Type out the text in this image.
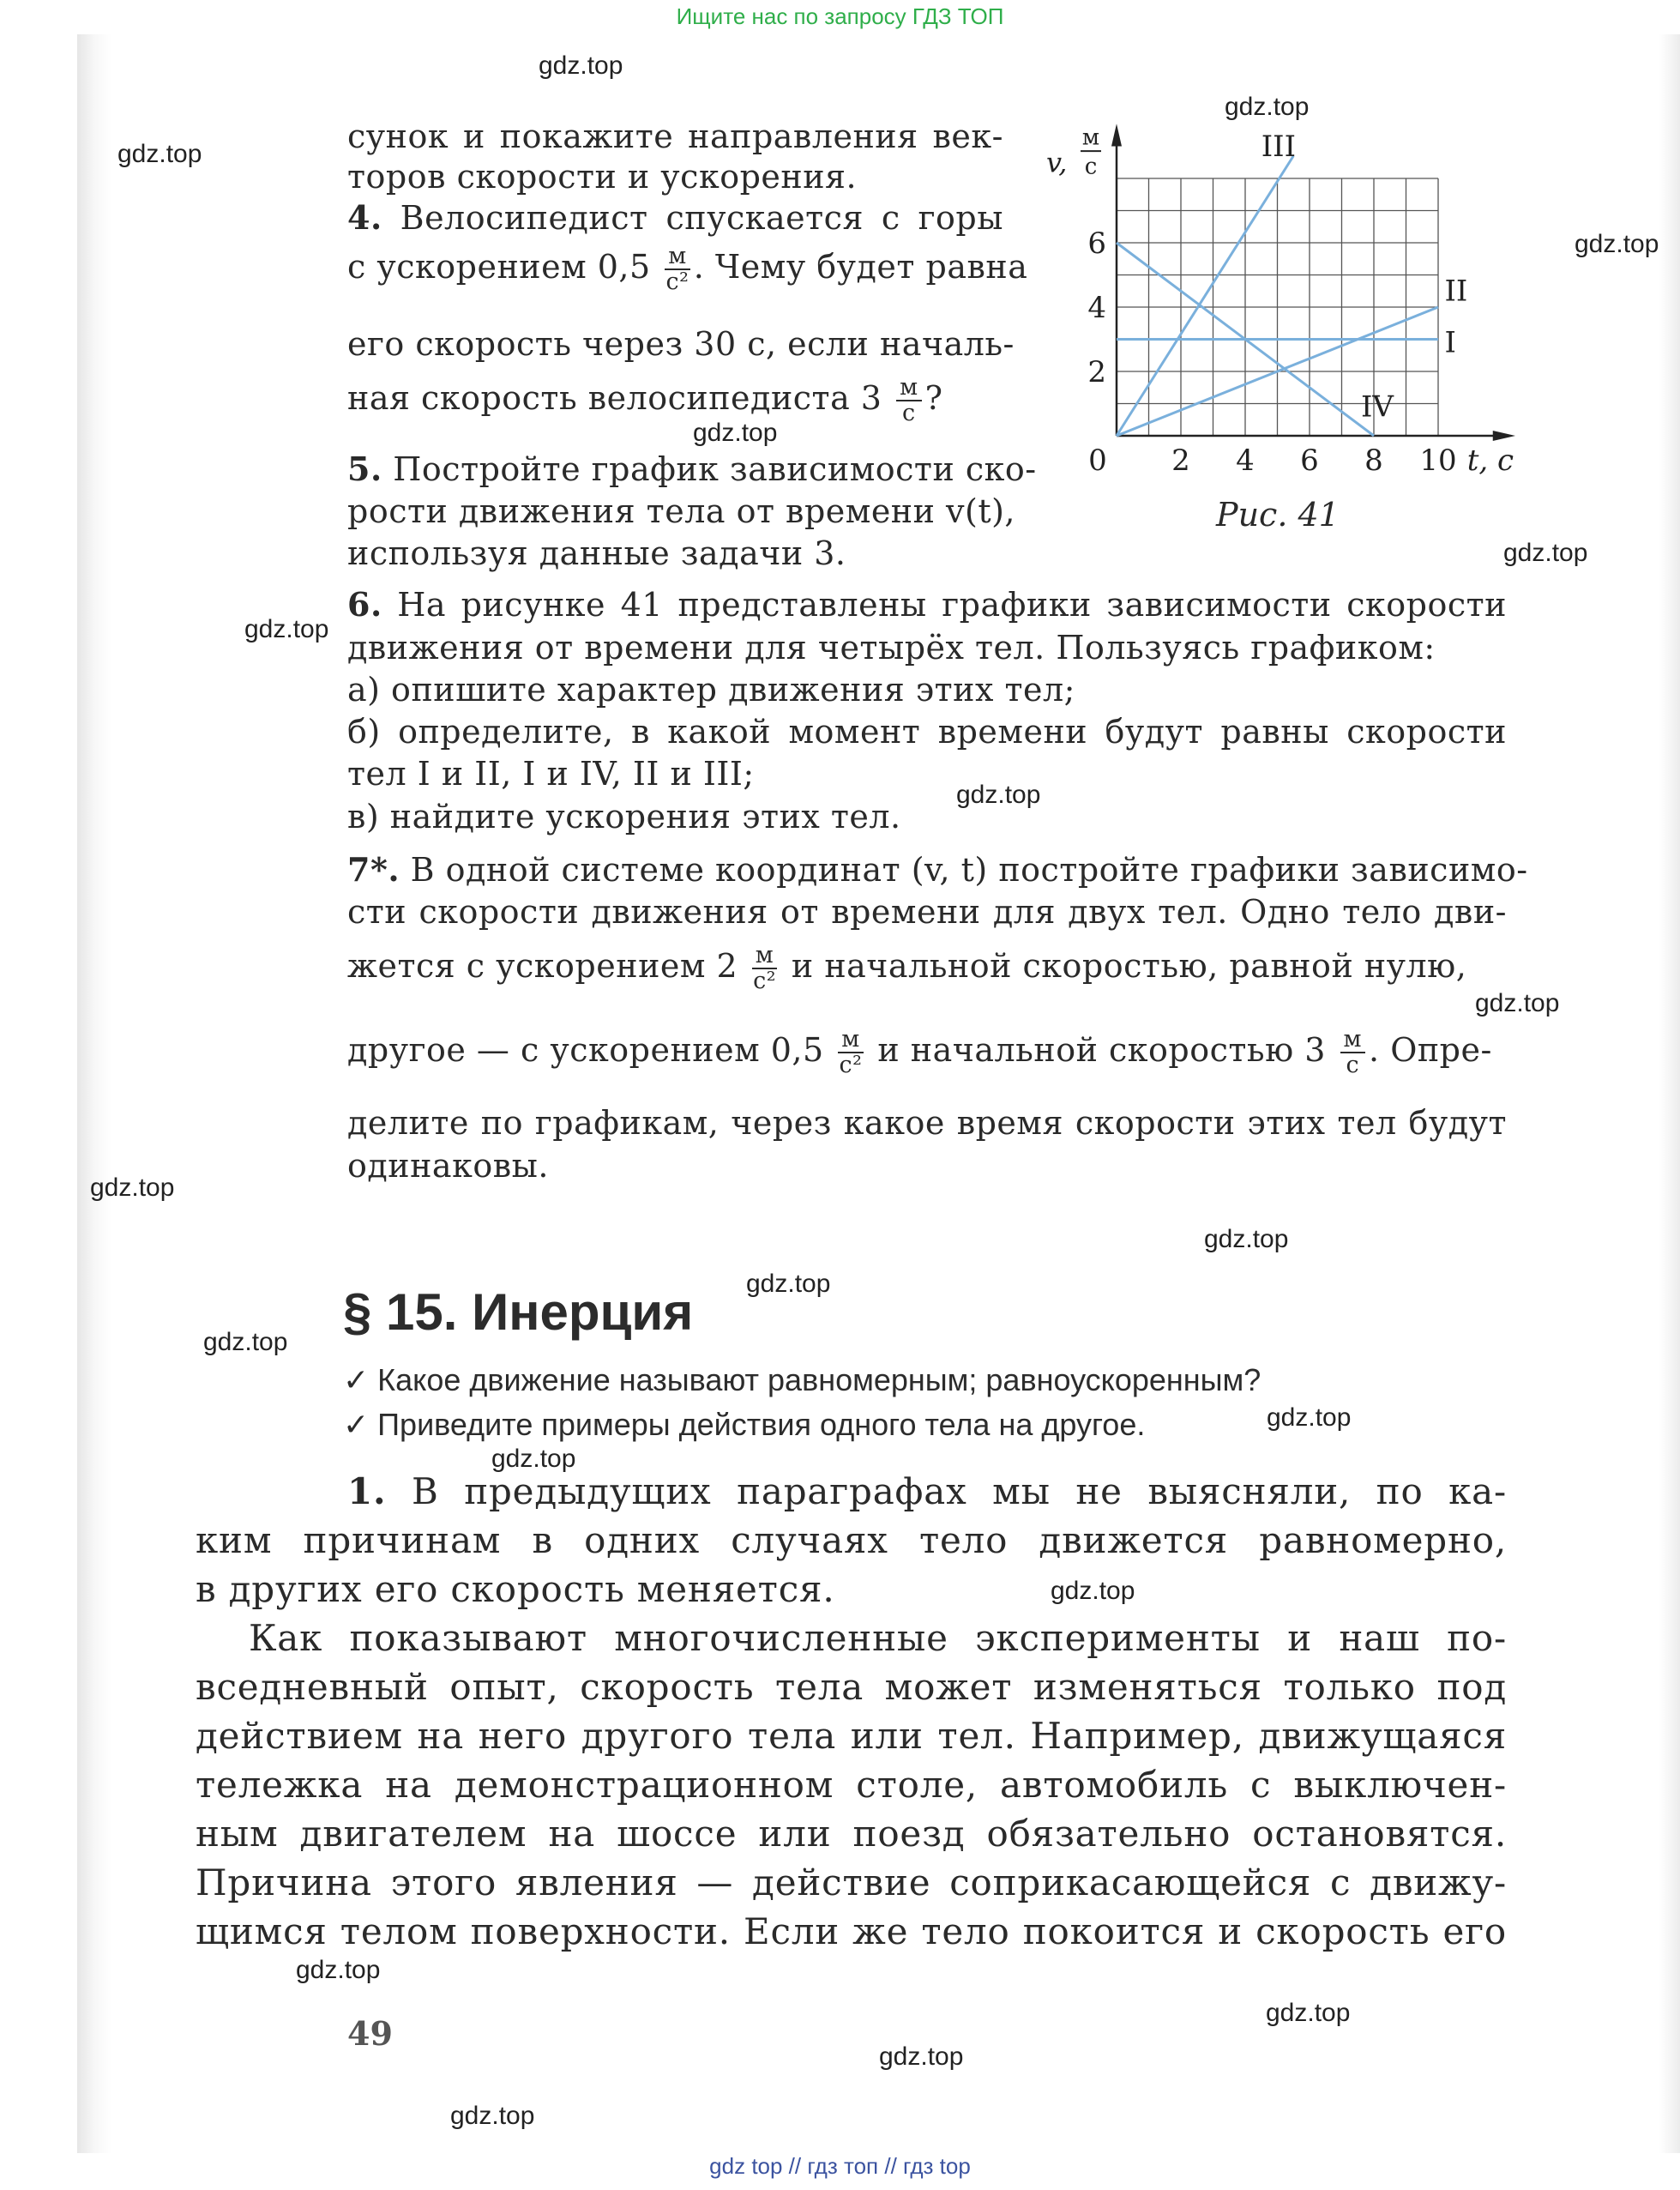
Ищите нас по запросу ГДЗ ТОП
gdz.top
gdz.top
gdz.top
gdz.top
gdz.top
gdz.top
gdz.top
gdz.top
gdz.top
gdz.top
gdz.top
gdz.top
gdz.top
gdz.top
gdz.top
gdz.top
gdz.top
gdz.top
gdz.top
gdz.top
сунок и покажите направления век-
торов скорости и ускорения.
4. Велосипедист спускается с горы
с ускорением $0,5 \frac{м}{\text{с²}}$ . Чему будет равна
его скорость через 30 с, если началь-
ная скорость велосипедиста $3 \frac{м}{с}$ ?
5. Постройте график зависимости ско-
рости движения тела от времени v(t),
используя данные задачи 3.
I
II
III
IV
2 4 6 8 10
2
4
6
0	t, с
v,
м
с
Рис. 41
6. На рисунке 41 представлены графики зависимости скорости
движения от времени для четырёх тел. Пользуясь графиком:
а) опишите характер движения этих тел;
б) определите, в какой момент времени будут равны скорости
тел I и II, I и IV, II и III;
в) найдите ускорения этих тел.
7*. В одной системе координат (v, t) постройте графики зависимо-
сти скорости движения от времени для двух тел. Одно тело дви-
жется с ускорением $2 \frac{м}{\text{с²}}$ и начальной скоростью, равной нулю,
другое — с ускорением $0,5 \frac{м}{\text{с²}}$ и начальной скоростью $3 \frac{м}{с}$ . Опре-
делите по графикам, через какое время скорости этих тел будут
одинаковы.
§ 15. Инерция
✓ Какое движение называют равномерным; равноускоренным?
✓ Приведите примеры действия одного тела на другое.
1. В предыдущих параграфах мы не выясняли, по ка-
ким причинам в одних случаях тело движется равномерно,
в других его скорость меняется.
Как показывают многочисленные эксперименты и наш по-
вседневный опыт, скорость тела может изменяться только под
действием на него другого тела или тел. Например, движущаяся
тележка на демонстрационном столе, автомобиль с выключен-
ным двигателем на шоссе или поезд обязательно остановятся.
Причина этого явления — действие соприкасающейся с движу-
щимся телом поверхности. Если же тело покоится и скорость его
49
gdz top // гдз топ // гдз top
